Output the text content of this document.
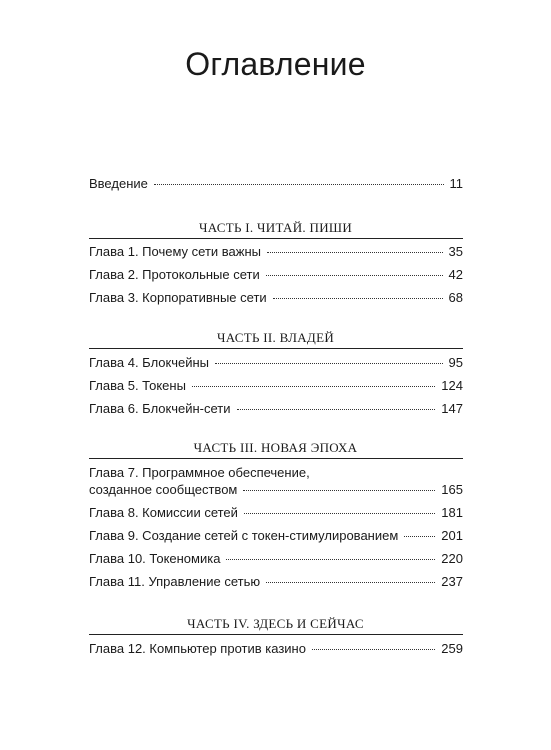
Оглавление
Введение	11
ЧАСТЬ I. ЧИТАЙ. ПИШИ
Глава 1. Почему сети важны	35
Глава 2. Протокольные сети	42
Глава 3. Корпоративные сети	68
ЧАСТЬ II. ВЛАДЕЙ
Глава 4. Блокчейны	95
Глава 5. Токены	124
Глава 6. Блокчейн-сети	147
ЧАСТЬ III. НОВАЯ ЭПОХА
Глава 7. Программное обеспечение,
созданное сообществом	165
Глава 8. Комиссии сетей	181
Глава 9. Создание сетей с токен-стимулированием	201
Глава 10. Токеномика	220
Глава 11. Управление сетью	237
ЧАСТЬ IV. ЗДЕСЬ И СЕЙЧАС
Глава 12. Компьютер против казино	259
